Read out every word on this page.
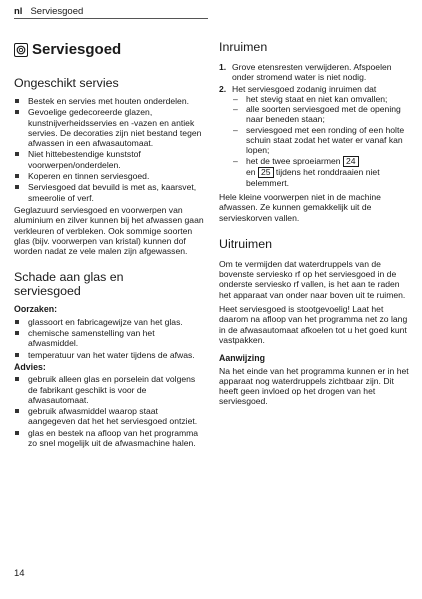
nl Serviesgoed
Serviesgoed
Ongeschikt servies
Bestek en servies met houten onderdelen.
Gevoelige gedecoreerde glazen, kunstnijverheidsservies en -vazen en antiek servies. De decoraties zijn niet bestand tegen afwassen in een afwasautomaat.
Niet hittebestendige kunststof voorwerpen/onderdelen.
Koperen en tinnen serviesgoed.
Serviesgoed dat bevuild is met as, kaarsvet, smeerolie of verf.

Geglazuurd serviesgoed en voorwerpen van aluminium en zilver kunnen bij het afwassen gaan verkleuren of verbleken. Ook sommige soorten glas (bijv. voorwerpen van kristal) kunnen dof worden nadat ze vele malen zijn afgewassen.

Schade aan glas en serviesgoed
Oorzaken:
glassoort en fabricagewijze van het glas.
chemische samenstelling van het afwasmiddel.
temperatuur van het water tijdens de afwas.
Advies:
gebruik alleen glas en porselein dat volgens de fabrikant geschikt is voor de afwasautomaat.
gebruik afwasmiddel waarop staat aangegeven dat het het serviesgoed ontziet.
glas en bestek na afloop van het programma zo snel mogelijk uit de afwasmachine halen.
Inruimen
1. Grove etensresten verwijderen. Afspoelen onder stromend water is niet nodig.
2. Het serviesgoed zodanig inruimen dat
– het stevig staat en niet kan omvallen;
– alle soorten serviesgoed met de opening naar beneden staan;
– serviesgoed met een ronding of een holte schuin staat zodat het water er vanaf kan lopen;
– het de twee sproeiarmen 24
en 25 tijdens het ronddraaien niet belemmert.

Hele kleine voorwerpen niet in de machine afwassen. Ze kunnen gemakkelijk uit de servieskorven vallen.

Uitruimen

Om te vermijden dat waterdruppels van de bovenste serviesko rf op het serviesgoed in de onderste serviesko rf vallen, is het aan te raden het apparaat van onder naar boven uit te ruimen.

Heet serviesgoed is stootgevoelig! Laat het daarom na afloop van het programma net zo lang in de afwasautomaat afkoelen tot u het goed kunt vastpakken.

Aanwijzing

Na het einde van het programma kunnen er in het apparaat nog waterdruppels zichtbaar zijn. Dit heeft geen invloed op het drogen van het serviesgoed.

14
